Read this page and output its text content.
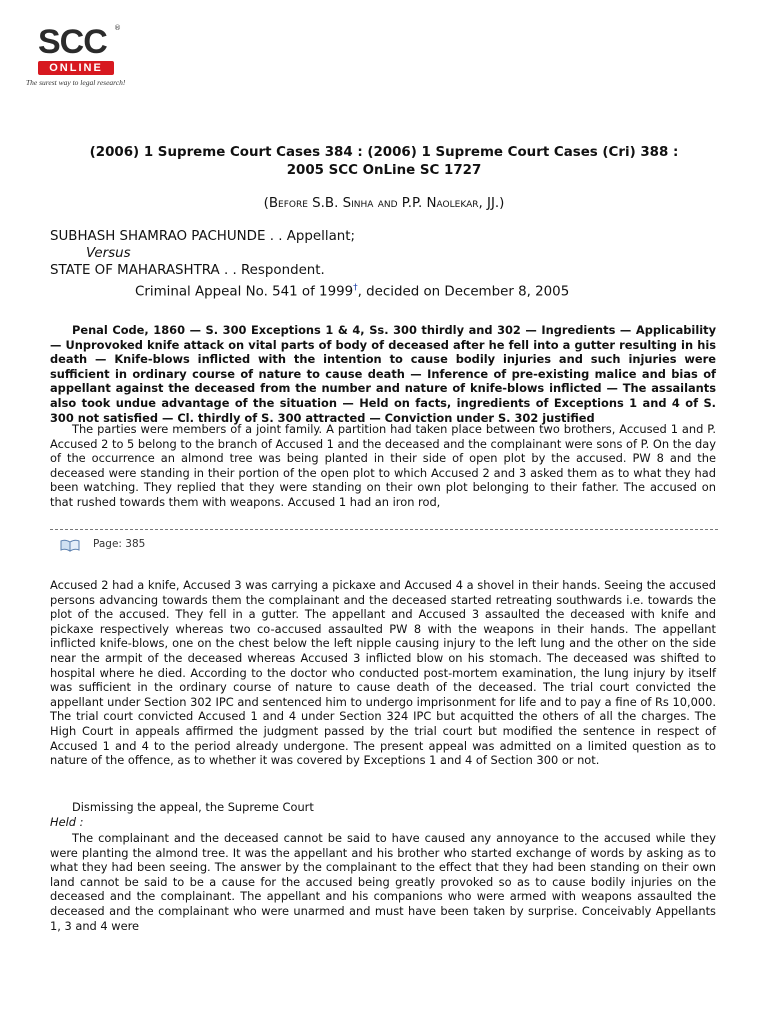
SCC ®
ONLINE
The surest way to legal research!
(2006) 1 Supreme Court Cases 384 : (2006) 1 Supreme Court Cases (Cri) 388 :
2005 SCC OnLine SC 1727
(Before S.B. Sinha and P.P. Naolekar, JJ.)
SUBHASH SHAMRAO PACHUNDE . . Appellant;
Versus
STATE OF MAHARASHTRA . . Respondent.
Criminal Appeal No. 541 of 1999†, decided on December 8, 2005
Penal Code, 1860 — S. 300 Exceptions 1 & 4, Ss. 300 thirdly and 302 — Ingredients — Applicability — Unprovoked knife attack on vital parts of body of deceased after he fell into a gutter resulting in his death — Knife-blows inflicted with the intention to cause bodily injuries and such injuries were sufficient in ordinary course of nature to cause death — Inference of pre-existing malice and bias of appellant against the deceased from the number and nature of knife-blows inflicted — The assailants also took undue advantage of the situation — Held on facts, ingredients of Exceptions 1 and 4 of S. 300 not satisfied — Cl. thirdly of S. 300 attracted — Conviction under S. 302 justified

The parties were members of a joint family. A partition had taken place between two brothers, Accused 1 and P. Accused 2 to 5 belong to the branch of Accused 1 and the deceased and the complainant were sons of P. On the day of the occurrence an almond tree was being planted in their side of open plot by the accused. PW 8 and the deceased were standing in their portion of the open plot to which Accused 2 and 3 asked them as to what they had been watching. They replied that they were standing on their own plot belonging to their father. The accused on that rushed towards them with weapons. Accused 1 had an iron rod,

Page: 385

Accused 2 had a knife, Accused 3 was carrying a pickaxe and Accused 4 a shovel in their hands. Seeing the accused persons advancing towards them the complainant and the deceased started retreating southwards i.e. towards the plot of the accused. They fell in a gutter. The appellant and Accused 3 assaulted the deceased with knife and pickaxe respectively whereas two co-accused assaulted PW 8 with the weapons in their hands. The appellant inflicted knife-blows, one on the chest below the left nipple causing injury to the left lung and the other on the side near the armpit of the deceased whereas Accused 3 inflicted blow on his stomach. The deceased was shifted to hospital where he died. According to the doctor who conducted post-mortem examination, the lung injury by itself was sufficient in the ordinary course of nature to cause death of the deceased. The trial court convicted the appellant under Section 302 IPC and sentenced him to undergo imprisonment for life and to pay a fine of Rs 10,000. The trial court convicted Accused 1 and 4 under Section 324 IPC but acquitted the others of all the charges. The High Court in appeals affirmed the judgment passed by the trial court but modified the sentence in respect of Accused 1 and 4 to the period already undergone. The present appeal was admitted on a limited question as to nature of the offence, as to whether it was covered by Exceptions 1 and 4 of Section 300 or not.

Dismissing the appeal, the Supreme Court
Held :

The complainant and the deceased cannot be said to have caused any annoyance to the accused while they were planting the almond tree. It was the appellant and his brother who started exchange of words by asking as to what they had been seeing. The answer by the complainant to the effect that they had been standing on their own land cannot be said to be a cause for the accused being greatly provoked so as to cause bodily injuries on the deceased and the complainant. The appellant and his companions who were armed with weapons assaulted the deceased and the complainant who were unarmed and must have been taken by surprise. Conceivably Appellants 1, 3 and 4 were
